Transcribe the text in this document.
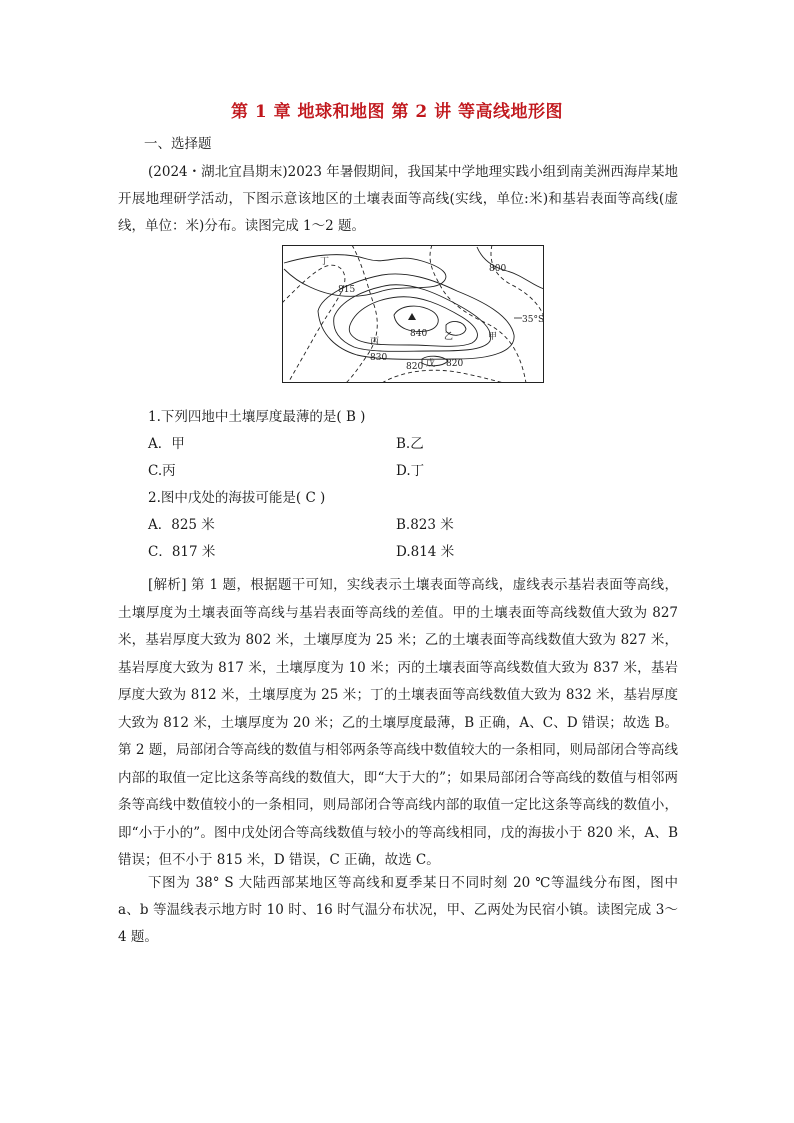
第 1 章 地球和地图 第 2 讲 等高线地形图
一、选择题
(2024・湖北宜昌期末)2023 年暑假期间，我国某中学地理实践小组到南美洲西海岸某地开展地理研学活动，下图示意该地区的土壤表面等高线(实线，单位:米)和基岩表面等高线(虚线，单位：米)分布。读图完成 1～2 题。
丁
800
815
35°S
840 乙	甲
丙
830
820 戊 820
1.下列四地中土壤厚度最薄的是( B )
A．甲	B.乙
C.丙	D.丁
2.图中戊处的海拔可能是( C )
A．825 米	B.823 米
C．817 米	D.814 米
[解析] 第 1 题，根据题干可知，实线表示土壤表面等高线，虚线表示基岩表面等高线，土壤厚度为土壤表面等高线与基岩表面等高线的差值。甲的土壤表面等高线数值大致为 827 米，基岩厚度大致为 802 米，土壤厚度为 25 米；乙的土壤表面等高线数值大致为 827 米，基岩厚度大致为 817 米，土壤厚度为 10 米；丙的土壤表面等高线数值大致为 837 米，基岩厚度大致为 812 米，土壤厚度为 25 米；丁的土壤表面等高线数值大致为 832 米，基岩厚度大致为 812 米，土壤厚度为 20 米；乙的土壤厚度最薄，B 正确，A、C、D 错误；故选 B。第 2 题，局部闭合等高线的数值与相邻两条等高线中数值较大的一条相同，则局部闭合等高线内部的取值一定比这条等高线的数值大，即“大于大的”；如果局部闭合等高线的数值与相邻两条等高线中数值较小的一条相同，则局部闭合等高线内部的取值一定比这条等高线的数值小，即“小于小的”。图中戊处闭合等高线数值与较小的等高线相同，戊的海拔小于 820 米，A、B 错误；但不小于 815 米，D 错误，C 正确，故选 C。
下图为 38° S 大陆西部某地区等高线和夏季某日不同时刻 20 ℃等温线分布图，图中 a、b 等温线表示地方时 10 时、16 时气温分布状况，甲、乙两处为民宿小镇。读图完成 3～4 题。
